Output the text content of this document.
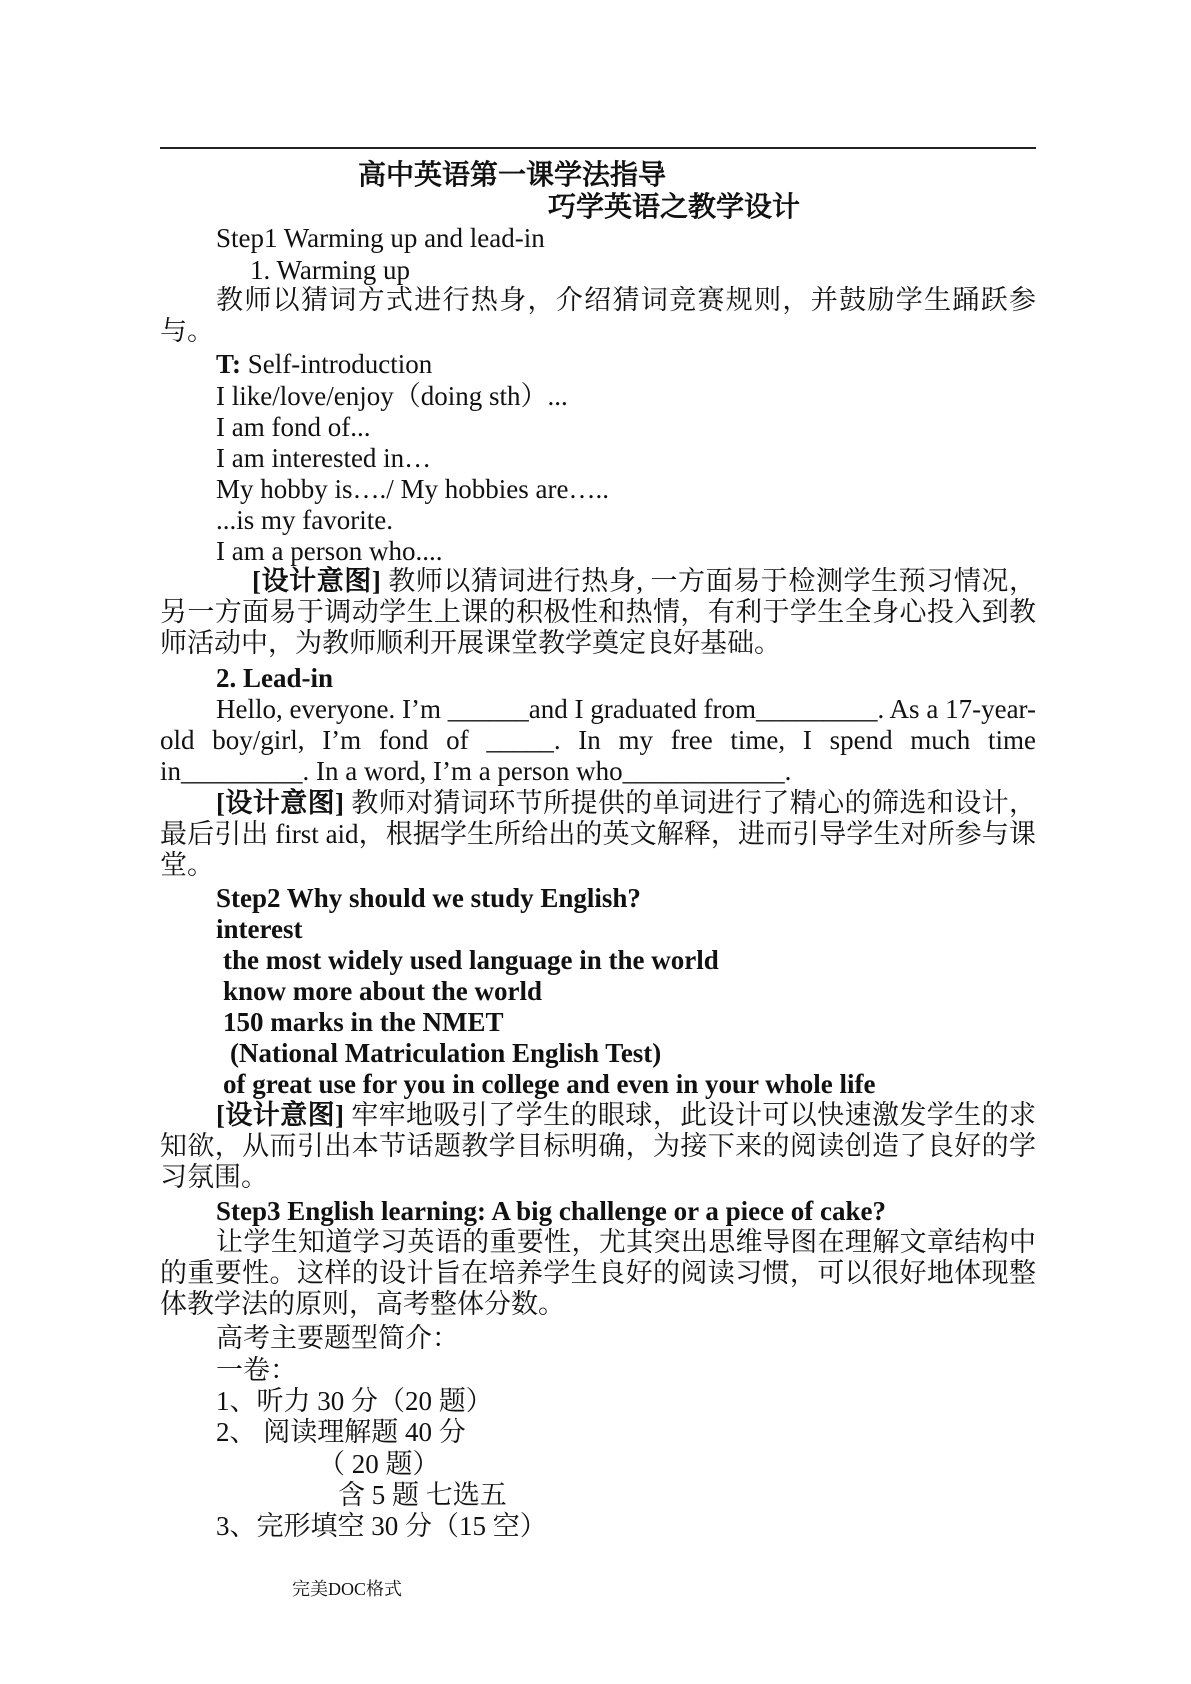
高中英语第一课学法指导
巧学英语之教学设计
Step1 Warming up and lead-in
1. Warming up
教师以猜词方式进行热身，介绍猜词竞赛规则，并鼓励学生踊跃参与。
T: Self-introduction
I like/love/enjoy（doing sth）...
I am fond of...
I am interested in…
My hobby is…./ My hobbies are…..
...is my favorite.
I am a person who....
[设计意图] 教师以猜词进行热身, 一方面易于检测学生预习情况，另一方面易于调动学生上课的积极性和热情，有利于学生全身心投入到教师活动中，为教师顺利开展课堂教学奠定良好基础。
2. Lead-in
Hello, everyone. I’m ______and I graduated from_________. As a 17-year-old boy/girl, I’m fond of _____. In my free time, I spend much time in_________. In a word, I’m a person who____________.
[设计意图] 教师对猜词环节所提供的单词进行了精心的筛选和设计，最后引出 first aid，根据学生所给出的英文解释，进而引导学生对所参与课堂。
Step2 Why should we study English?
interest
the most widely used language in the world
know more about the world
150 marks in the NMET
(National Matriculation English Test)
of great use for you in college and even in your whole life
[设计意图] 牢牢地吸引了学生的眼球，此设计可以快速激发学生的求知欲，从而引出本节话题教学目标明确，为接下来的阅读创造了良好的学习氛围。
Step3 English learning: A big challenge or a piece of cake?
让学生知道学习英语的重要性，尤其突出思维导图在理解文章结构中的重要性。这样的设计旨在培养学生良好的阅读习惯，可以很好地体现整体教学法的原则，高考整体分数。
高考主要题型简介：
一卷：
1、听力 30 分（20 题）
2、 阅读理解题 40 分
（ 20 题）
含 5 题 七选五
3、完形填空 30 分（15 空）
完美DOC格式
